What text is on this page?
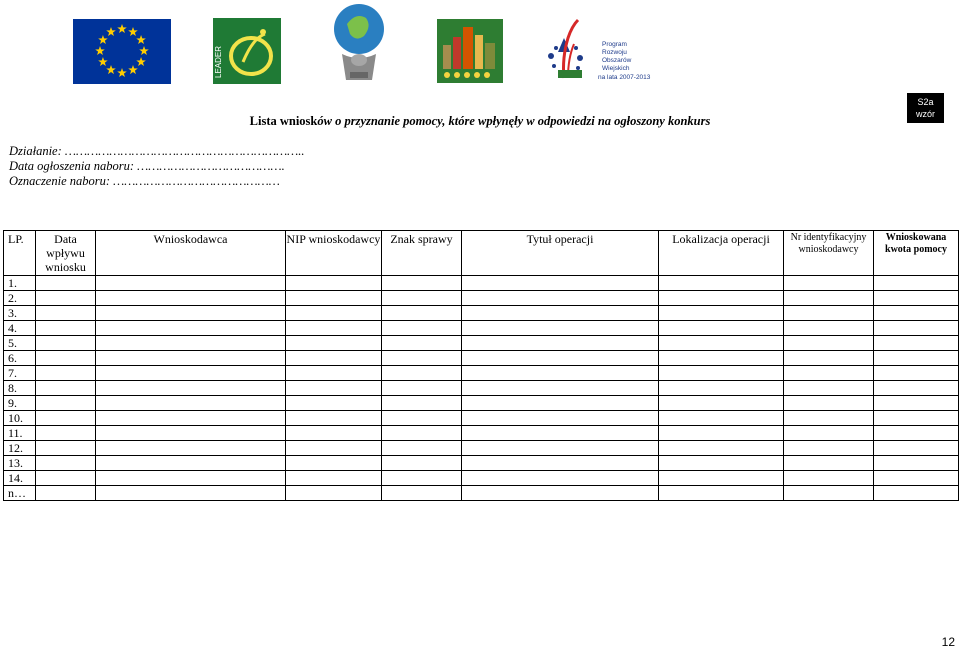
LEADER
Program
Rozwoju
Obszarów
Wiejskich
na lata 2007-2013
S2a
wzór
Lista wniosków o przyznanie pomocy, które wpłynęły w odpowiedzi na ogłoszony konkurs
Działanie: ………………………………………………………..
Data ogłoszenia naboru: ………………………………….
Oznaczenie naboru: ………………………………………
LP.	Data wpływu wniosku	Wnioskodawca	NIP wnioskodawcy	Znak sprawy	Tytuł operacji	Lokalizacja operacji	Nr identyfikacyjny wnioskodawcy	Wnioskowana kwota pomocy
1.								
2.								
3.								
4.								
5.								
6.								
7.								
8.								
9.								
10.								
11.								
12.								
13.								
14.								
n…								
12
